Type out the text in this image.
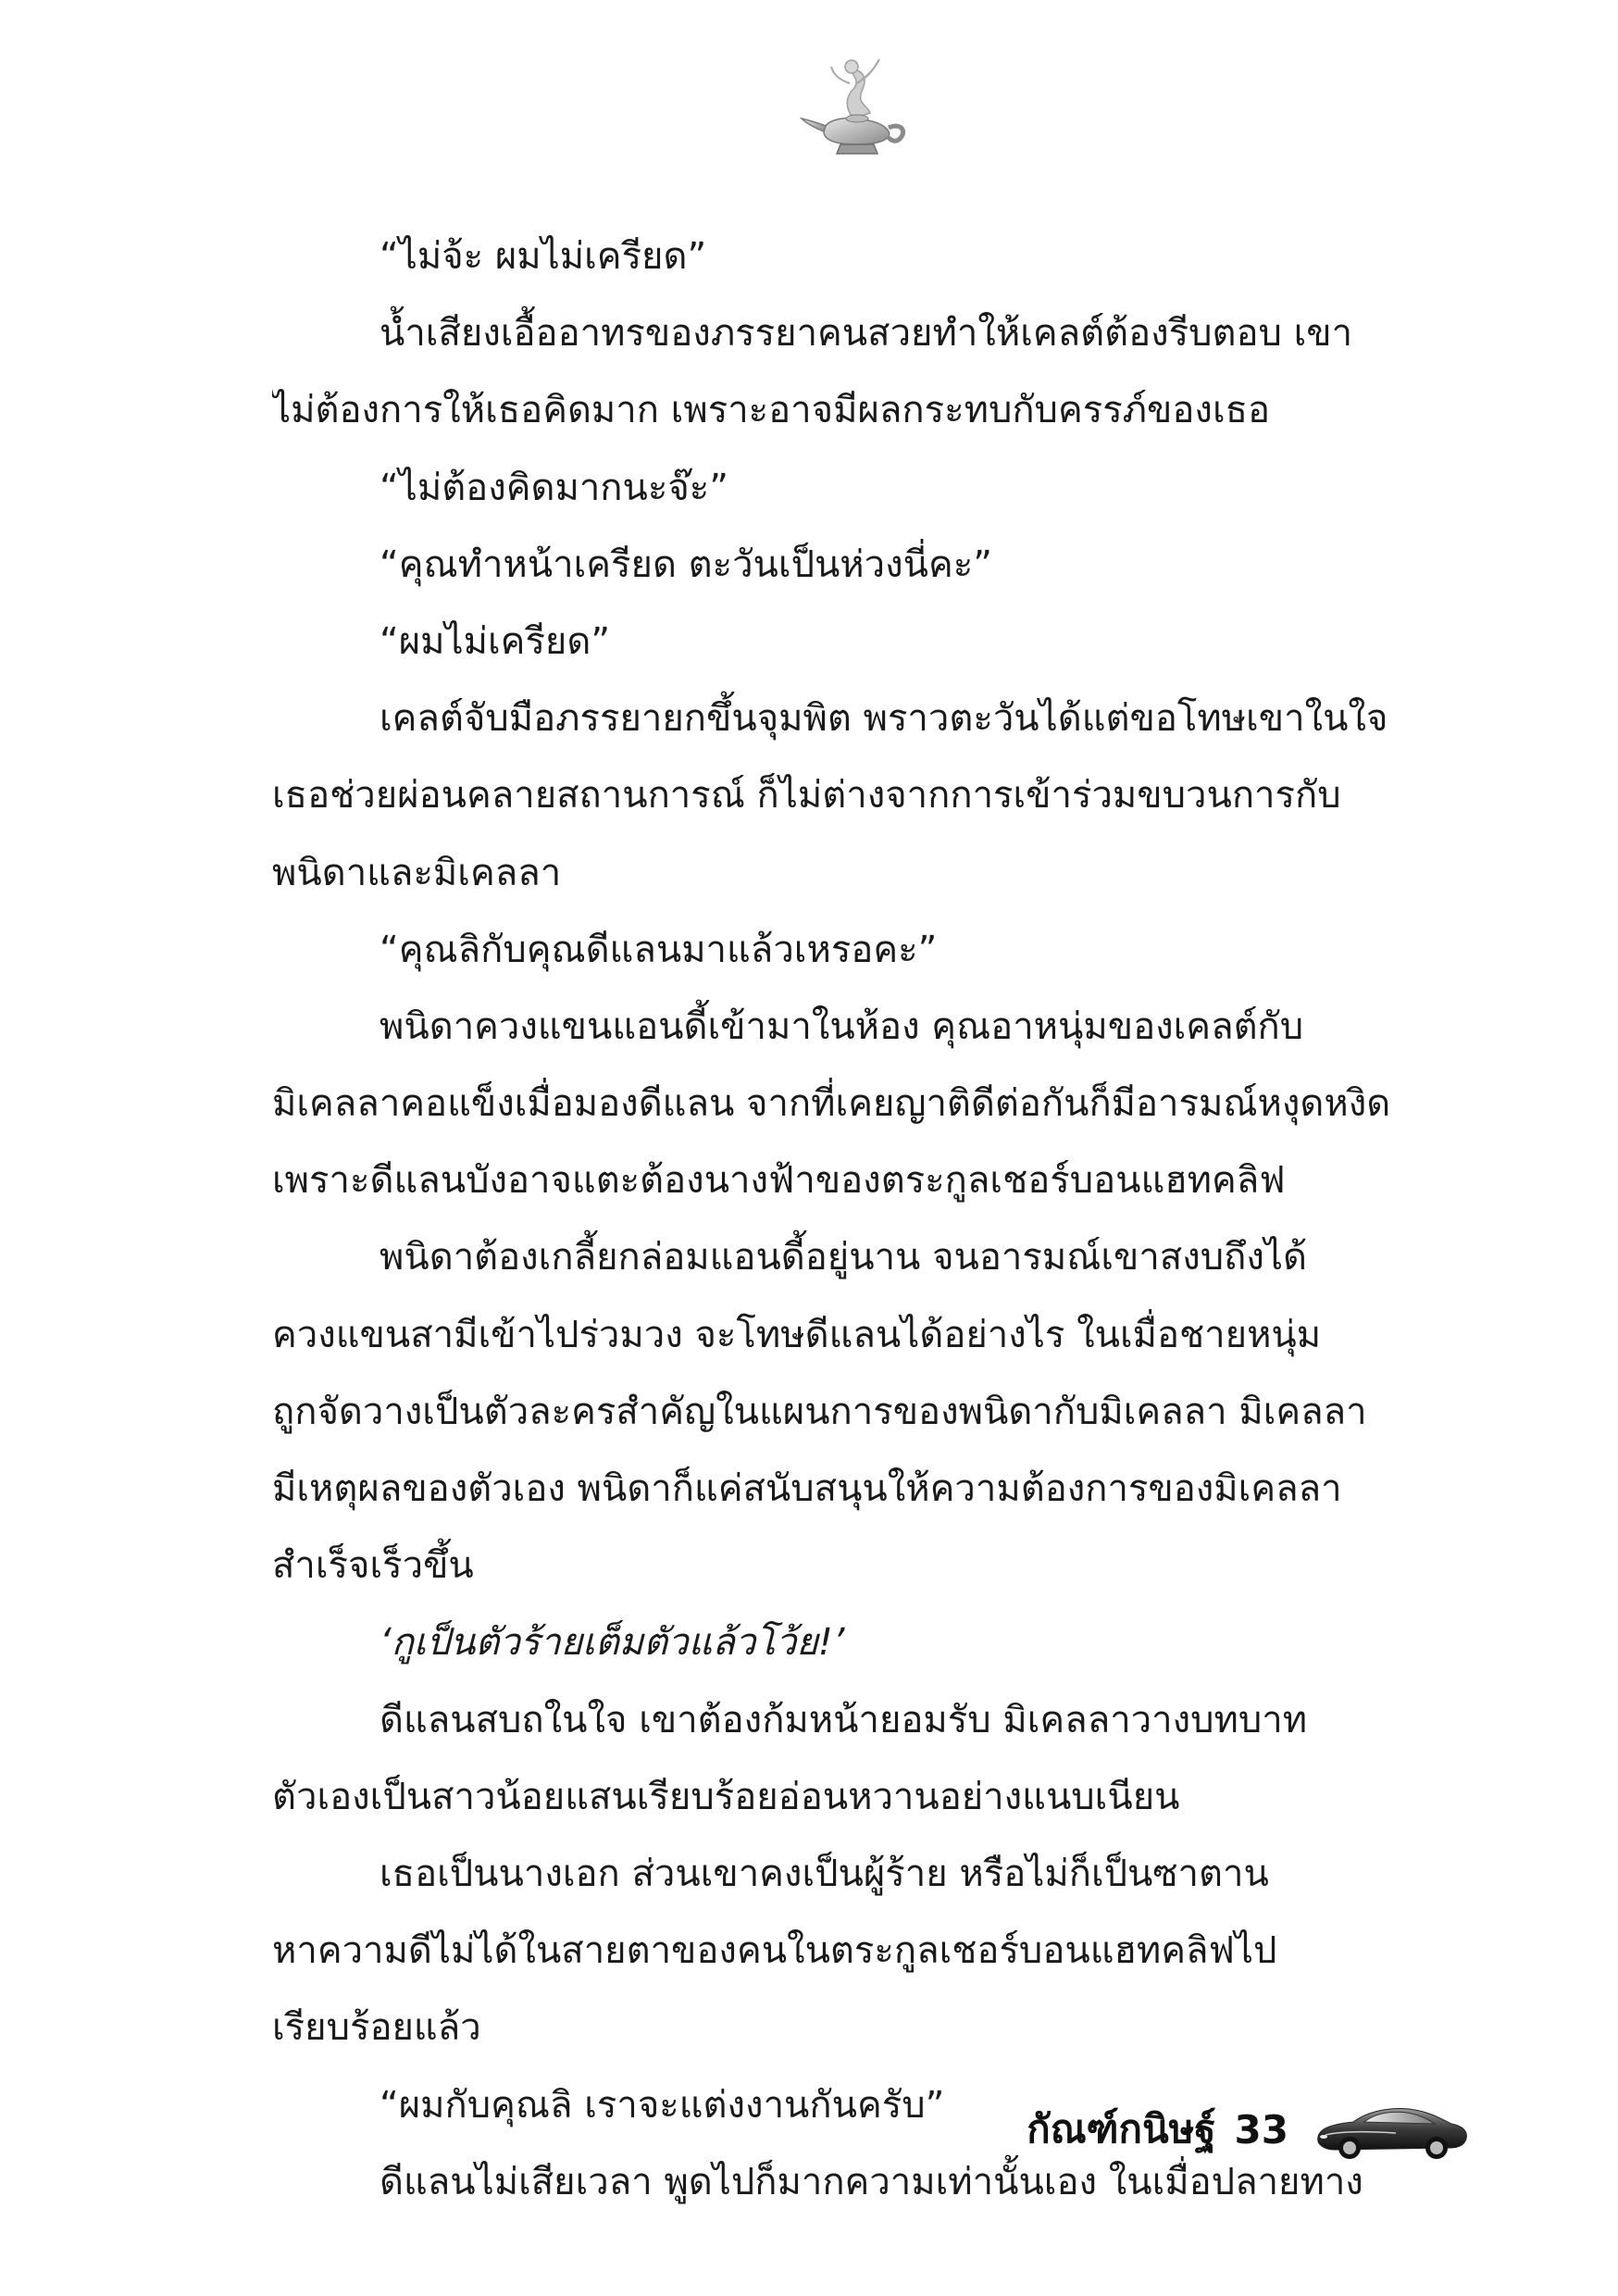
“ไม่จ้ะ ผมไม่เครียด”
น้ำเสียงเอื้ออาทรของภรรยาคนสวยทำให้เคลต์ต้องรีบตอบ เขา
ไม่ต้องการให้เธอคิดมาก เพราะอาจมีผลกระทบกับครรภ์ของเธอ
“ไม่ต้องคิดมากนะจ๊ะ”
“คุณทำหน้าเครียด ตะวันเป็นห่วงนี่คะ”
“ผมไม่เครียด”
เคลต์จับมือภรรยายกขึ้นจุมพิต พราวตะวันได้แต่ขอโทษเขาในใจ
เธอช่วยผ่อนคลายสถานการณ์ ก็ไม่ต่างจากการเข้าร่วมขบวนการกับ
พนิดาและมิเคลลา
“คุณลิกับคุณดีแลนมาแล้วเหรอคะ”
พนิดาควงแขนแอนดี้เข้ามาในห้อง คุณอาหนุ่มของเคลต์กับ
มิเคลลาคอแข็งเมื่อมองดีแลน จากที่เคยญาติดีต่อกันก็มีอารมณ์หงุดหงิด
เพราะดีแลนบังอาจแตะต้องนางฟ้าของตระกูลเชอร์บอนแฮทคลิฟ
พนิดาต้องเกลี้ยกล่อมแอนดี้อยู่นาน จนอารมณ์เขาสงบถึงได้
ควงแขนสามีเข้าไปร่วมวง จะโทษดีแลนได้อย่างไร ในเมื่อชายหนุ่ม
ถูกจัดวางเป็นตัวละครสำคัญในแผนการของพนิดากับมิเคลลา มิเคลลา
มีเหตุผลของตัวเอง พนิดาก็แค่สนับสนุนให้ความต้องการของมิเคลลา
สำเร็จเร็วขึ้น
‘กูเป็นตัวร้ายเต็มตัวแล้วโว้ย!’
ดีแลนสบถในใจ เขาต้องก้มหน้ายอมรับ มิเคลลาวางบทบาท
ตัวเองเป็นสาวน้อยแสนเรียบร้อยอ่อนหวานอย่างแนบเนียน
เธอเป็นนางเอก ส่วนเขาคงเป็นผู้ร้าย หรือไม่ก็เป็นซาตาน
หาความดีไม่ได้ในสายตาของคนในตระกูลเชอร์บอนแฮทคลิฟไป
เรียบร้อยแล้ว
“ผมกับคุณลิ เราจะแต่งงานกันครับ”
ดีแลนไม่เสียเวลา พูดไปก็มากความเท่านั้นเอง ในเมื่อปลายทาง
กัณฑ์กนิษฐ์ 33
